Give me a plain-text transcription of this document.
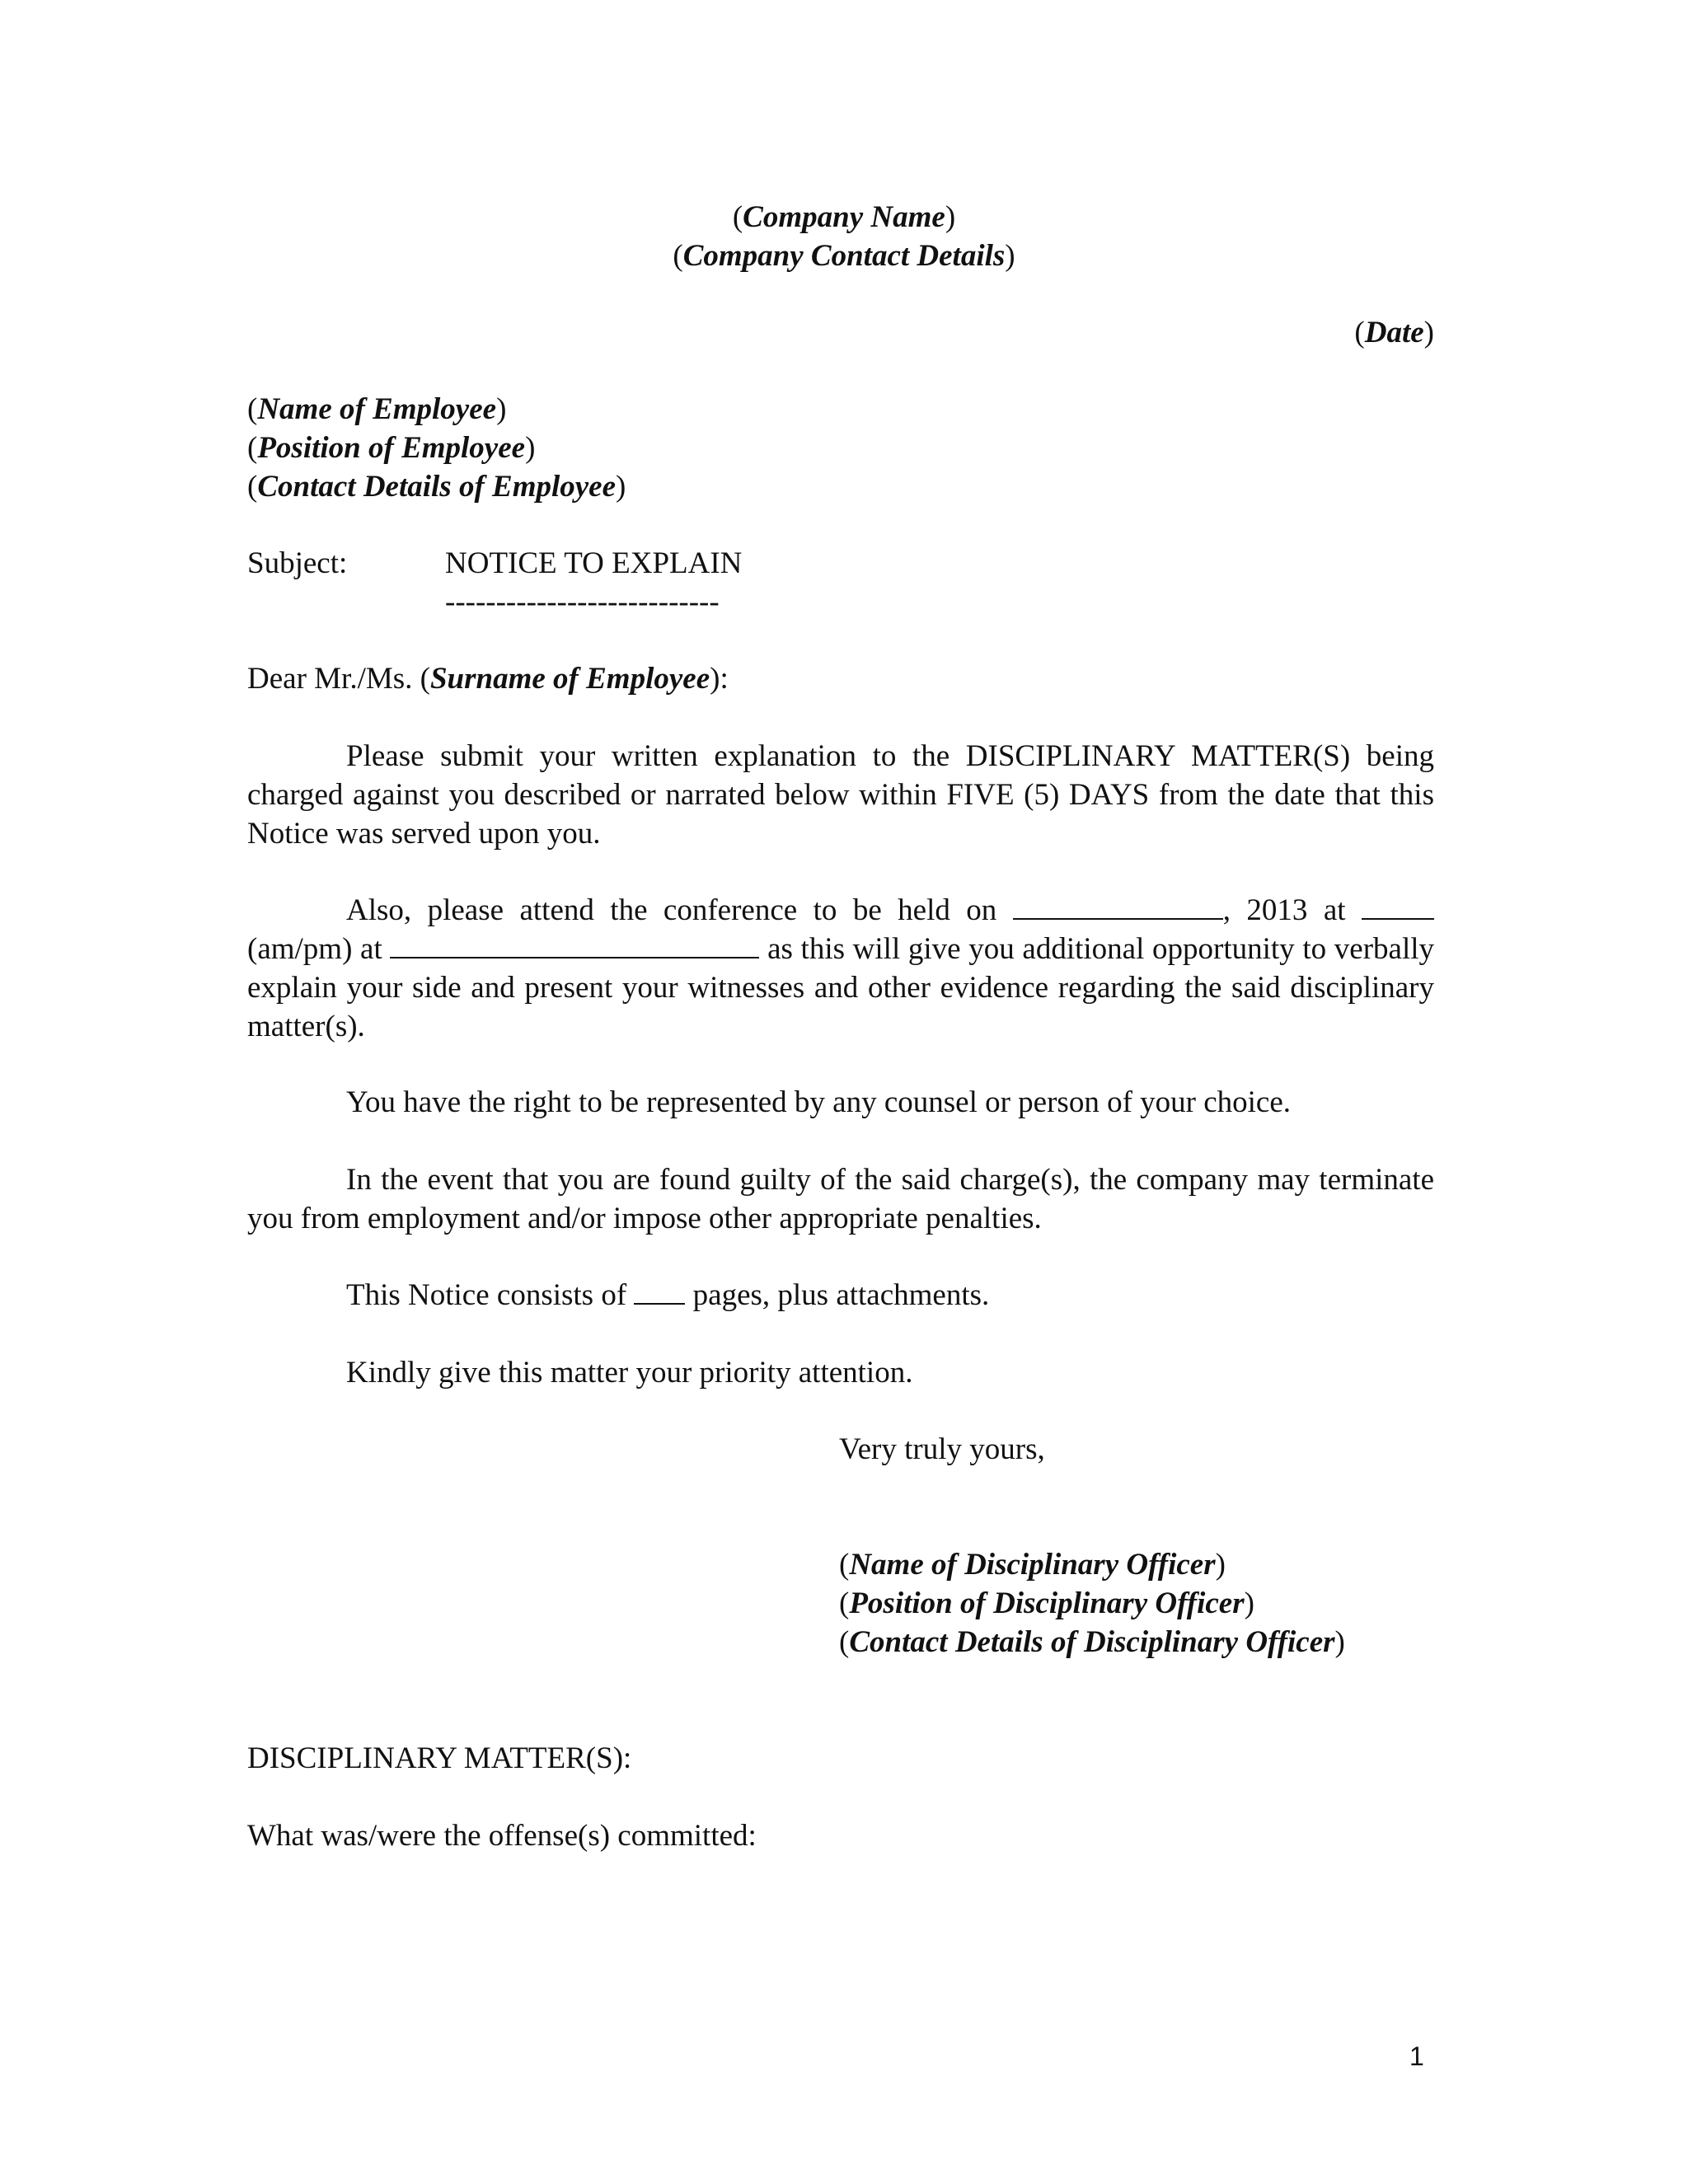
(Company Name)
(Company Contact Details)
(Date)
(Name of Employee)
(Position of Employee)
(Contact Details of Employee)
Subject:	NOTICE TO EXPLAIN
---------------------------
Dear Mr./Ms. (Surname of Employee):
Please submit your written explanation to the DISCIPLINARY MATTER(S) being charged against you described or narrated below within FIVE (5) DAYS from the date that this Notice was served upon you.
Also, please attend the conference to be held on	, 2013 at  (am/pm) at	as this will give you additional opportunity to verbally explain your side and present your witnesses and other evidence regarding the said disciplinary matter(s).
You have the right to be represented by any counsel or person of your choice.
In the event that you are found guilty of the said charge(s), the company may terminate you from employment and/or impose other appropriate penalties.
This Notice consists of pages, plus attachments.
Kindly give this matter your priority attention.
Very truly yours,
(Name of Disciplinary Officer)
(Position of Disciplinary Officer)
(Contact Details of Disciplinary Officer)
DISCIPLINARY MATTER(S):
What was/were the offense(s) committed:
1
